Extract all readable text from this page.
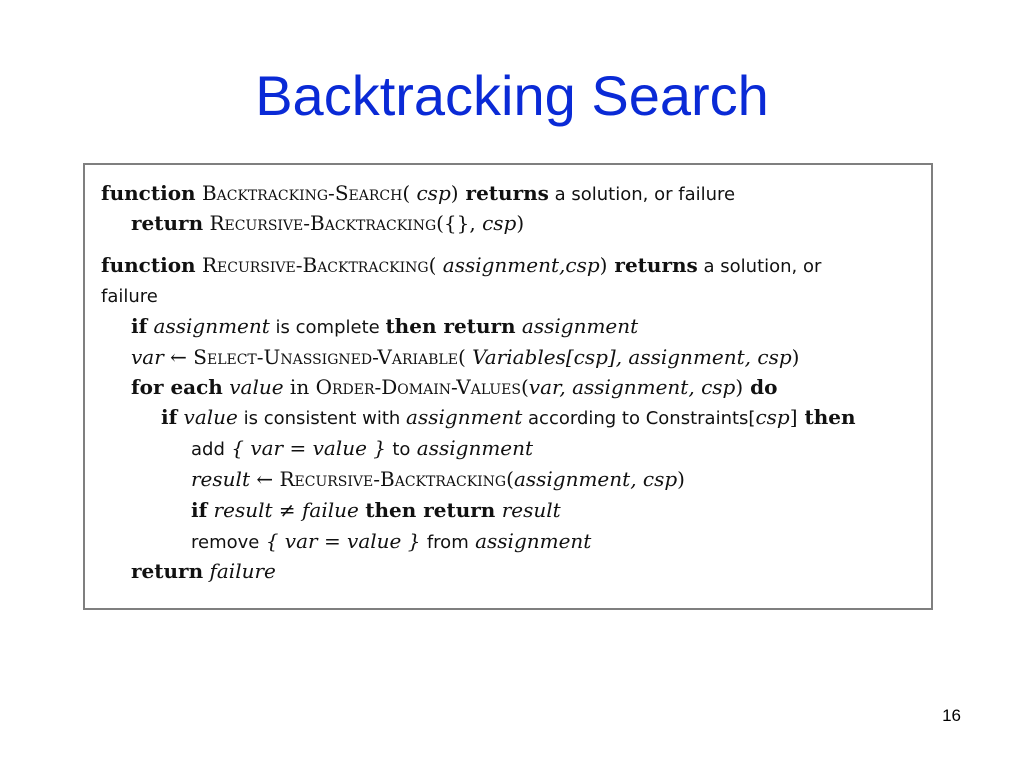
Backtracking Search
function Backtracking-Search( csp) returns a solution, or failure
return Recursive-Backtracking({}, csp)
function Recursive-Backtracking( assignment,csp) returns a solution, or
failure
if assignment is complete then return assignment
var ← Select-Unassigned-Variable( Variables[csp], assignment, csp)
for each value in Order-Domain-Values(var, assignment, csp) do
if value is consistent with assignment according to Constraints[csp] then
add { var = value } to assignment
result ← Recursive-Backtracking(assignment, csp)
if result ≠ failue then return result
remove { var = value } from assignment
return failure
16
